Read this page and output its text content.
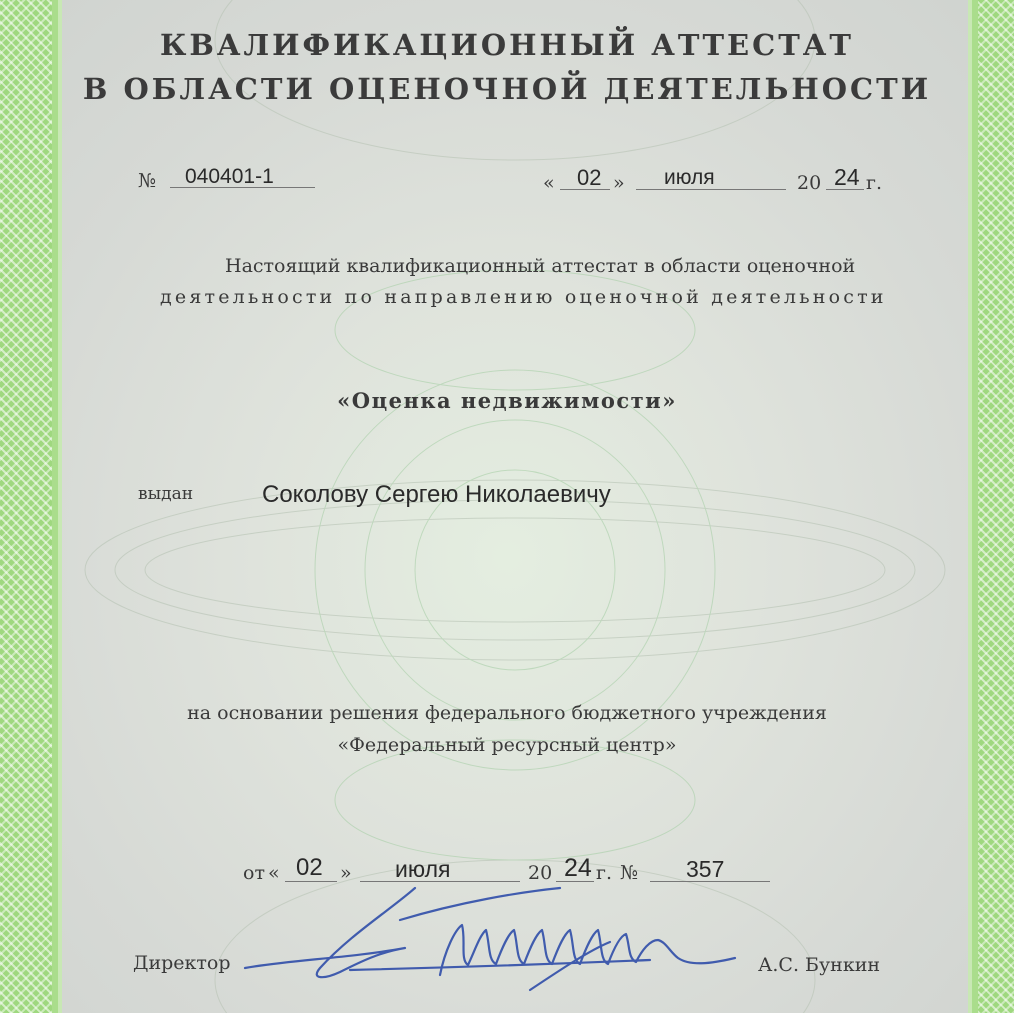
КВАЛИФИКАЦИОННЫЙ АТТЕСТАТ
В ОБЛАСТИ ОЦЕНОЧНОЙ ДЕЯТЕЛЬНОСТИ
№ 040401-1	« 02 » июля	20 24 г.
Настоящий квалификационный аттестат в области оценочной
деятельности по направлению оценочной деятельности
«Оценка недвижимости»
выдан	Соколову Сергею Николаевичу
на основании решения федерального бюджетного учреждения
«Федеральный ресурсный центр»
от « 02 » июля	20 24 г. № 357
Директор	А.С. Бункин
